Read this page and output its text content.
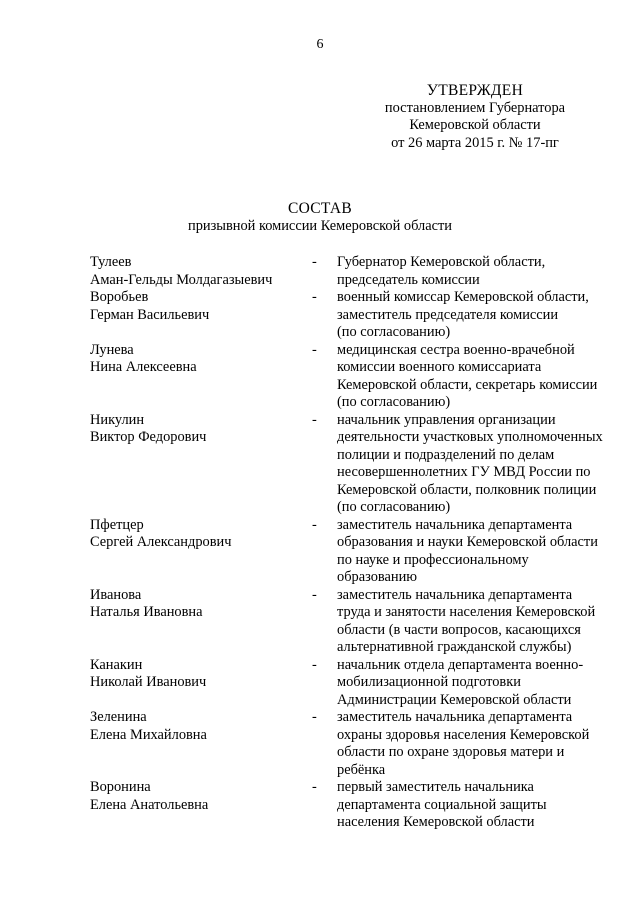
6
УТВЕРЖДЕН
постановлением Губернатора
Кемеровской области
от 26 марта 2015 г. № 17-пг
СОСТАВ
призывной комиссии Кемеровской области
Тулеев
Аман-Гельды Молдагазыевич
-	Губернатор Кемеровской области,
председатель комиссии
Воробьев
Герман Васильевич
-	военный комиссар Кемеровской области,
заместитель председателя комиссии
(по согласованию)
Лунева
Нина Алексеевна
-	медицинская сестра военно-врачебной
комиссии военного комиссариата
Кемеровской области, секретарь комиссии
(по согласованию)
Никулин
Виктор Федорович
-	начальник управления организации
деятельности участковых уполномоченных
полиции и подразделений по делам
несовершеннолетних ГУ МВД России по
Кемеровской области, полковник полиции
(по согласованию)
Пфетцер
Сергей Александрович
-	заместитель начальника департамента
образования и науки Кемеровской области
по науке и профессиональному
образованию
Иванова
Наталья Ивановна
-	заместитель начальника департамента
труда и занятости населения Кемеровской
области (в части вопросов, касающихся
альтернативной гражданской службы)
Канакин
Николай Иванович
-	начальник отдела департамента военно-
мобилизационной подготовки
Администрации Кемеровской области
Зеленина
Елена Михайловна
-	заместитель начальника департамента
охраны здоровья населения Кемеровской
области по охране здоровья матери и
ребёнка
Воронина
Елена Анатольевна
-	первый заместитель начальника
департамента социальной защиты
населения Кемеровской области
